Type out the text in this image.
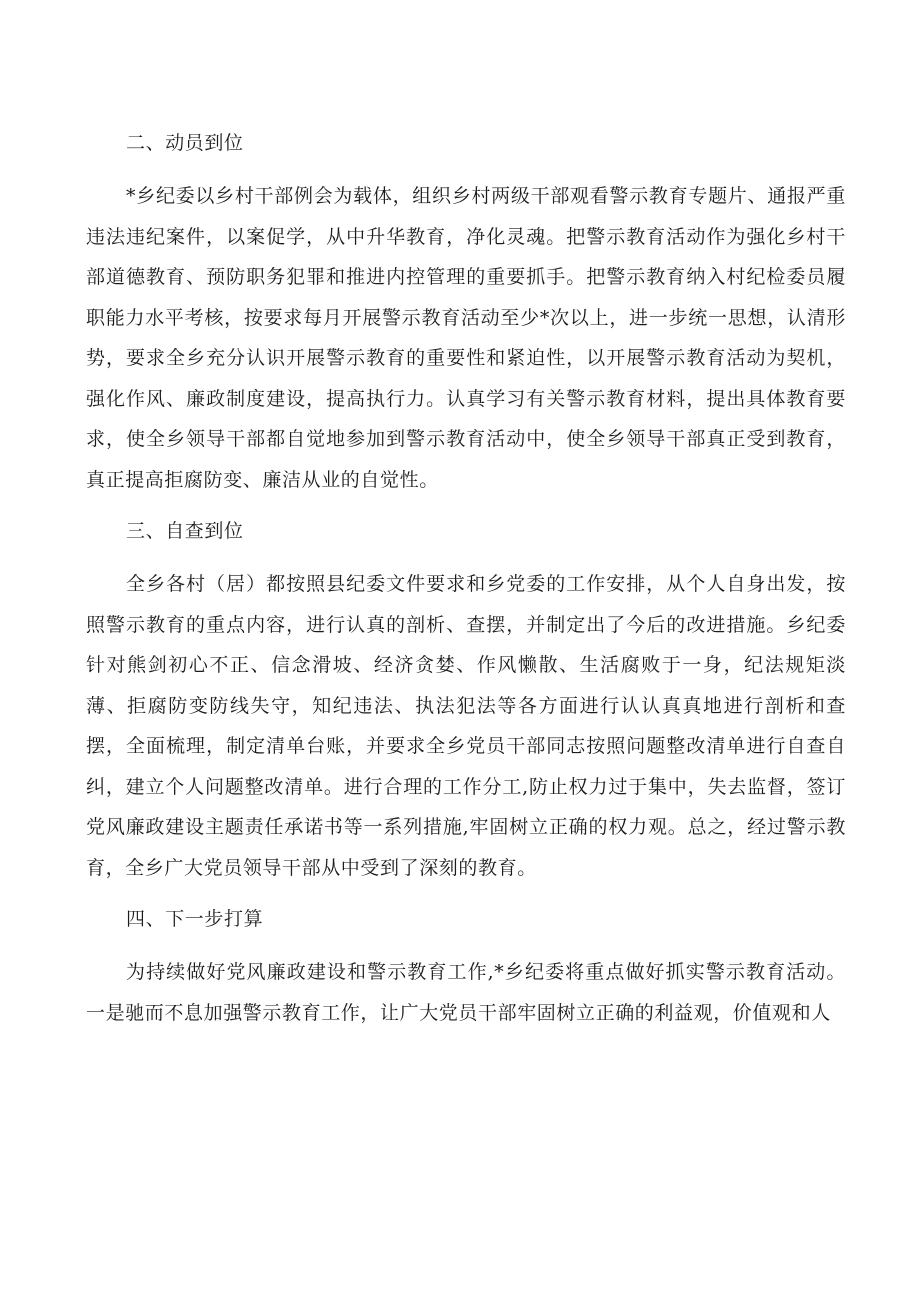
二、动员到位

*乡纪委以乡村干部例会为载体，组织乡村两级干部观看警示教育专题片、通报严重违法违纪案件，以案促学，从中升华教育，净化灵魂。把警示教育活动作为强化乡村干部道德教育、预防职务犯罪和推进内控管理的重要抓手。把警示教育纳入村纪检委员履职能力水平考核，按要求每月开展警示教育活动至少*次以上，进一步统一思想，认清形势，要求全乡充分认识开展警示教育的重要性和紧迫性，以开展警示教育活动为契机，强化作风、廉政制度建设，提高执行力。认真学习有关警示教育材料，提出具体教育要求，使全乡领导干部都自觉地参加到警示教育活动中，使全乡领导干部真正受到教育，真正提高拒腐防变、廉洁从业的自觉性。

三、自查到位

全乡各村（居）都按照县纪委文件要求和乡党委的工作安排，从个人自身出发，按照警示教育的重点内容，进行认真的剖析、查摆，并制定出了今后的改进措施。乡纪委针对熊剑初心不正、信念滑坡、经济贪婪、作风懒散、生活腐败于一身，纪法规矩淡薄、拒腐防变防线失守，知纪违法、执法犯法等各方面进行认认真真地进行剖析和查摆，全面梳理，制定清单台账，并要求全乡党员干部同志按照问题整改清单进行自查自纠，建立个人问题整改清单。进行合理的工作分工,防止权力过于集中，失去监督，签订党风廉政建设主题责任承诺书等一系列措施,牢固树立正确的权力观。总之，经过警示教育，全乡广大党员领导干部从中受到了深刻的教育。

四、下一步打算

为持续做好党风廉政建设和警示教育工作,*乡纪委将重点做好抓实警示教育活动。一是驰而不息加强警示教育工作，让广大党员干部牢固树立正确的利益观，价值观和人
